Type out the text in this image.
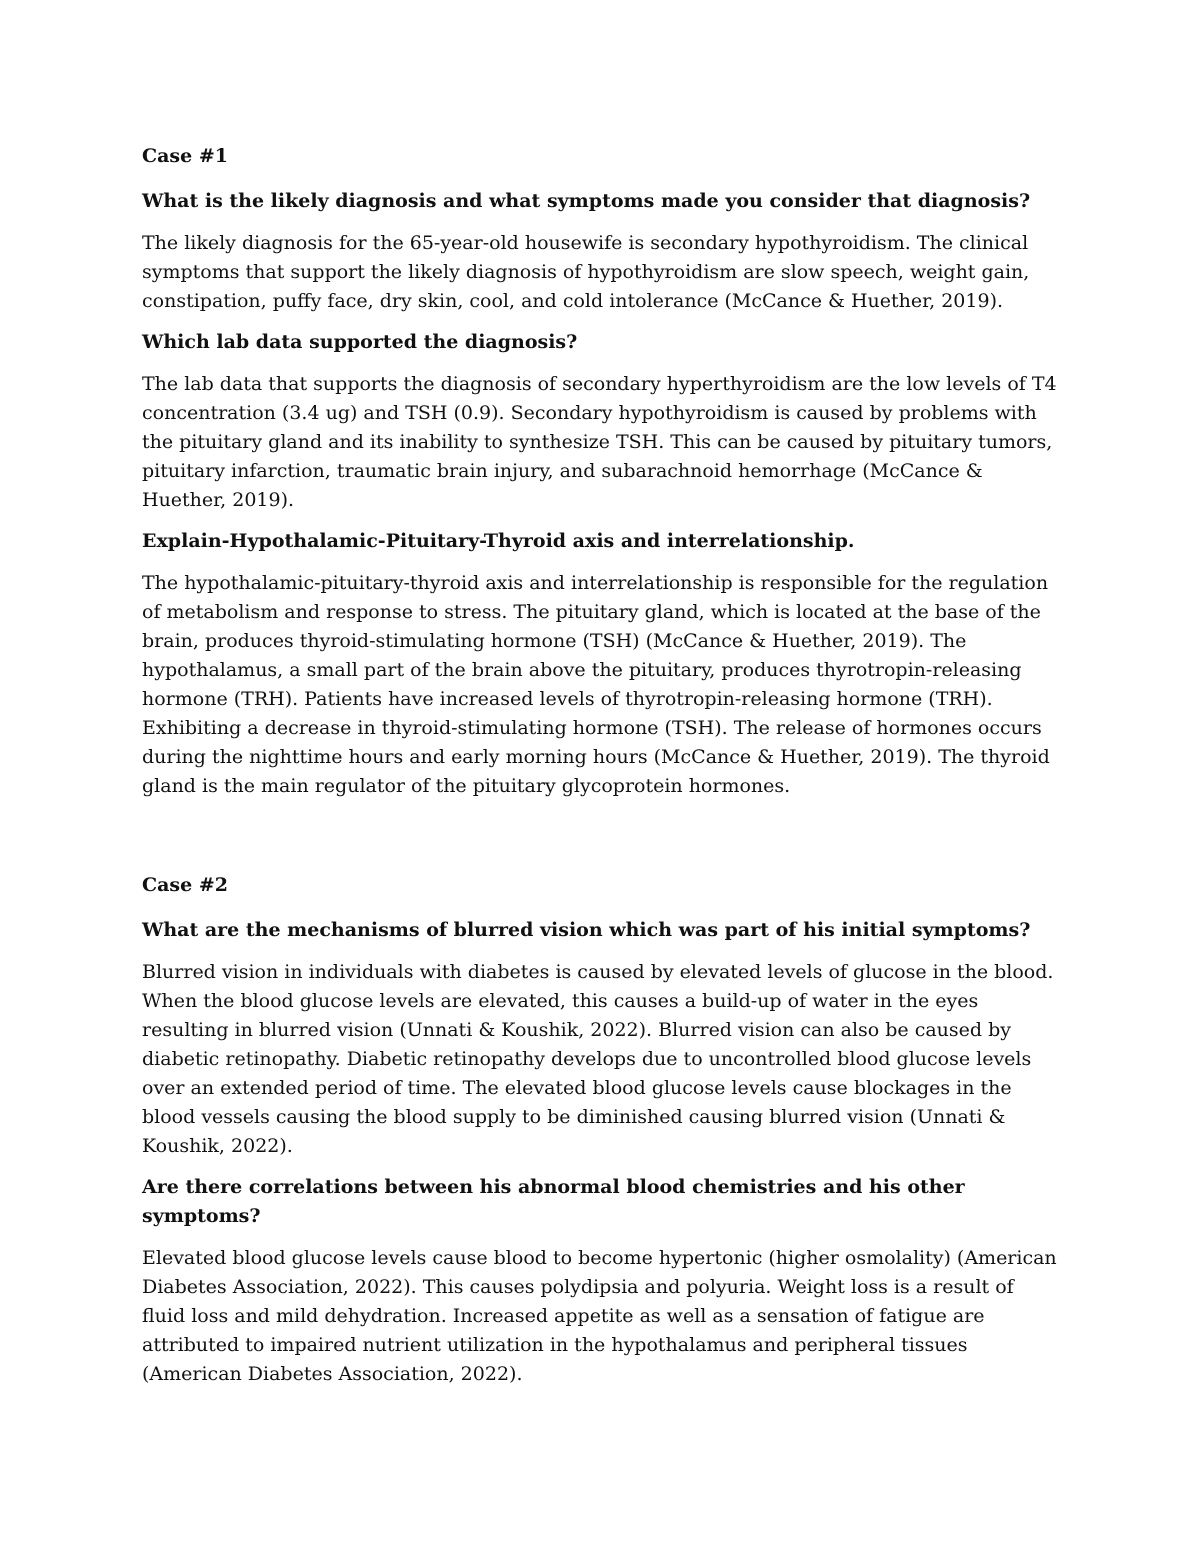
Case #1

What is the likely diagnosis and what symptoms made you consider that diagnosis?

The likely diagnosis for the 65-year-old housewife is secondary hypothyroidism. The clinical symptoms that support the likely diagnosis of hypothyroidism are slow speech, weight gain, constipation, puffy face, dry skin, cool, and cold intolerance (McCance & Huether, 2019).

Which lab data supported the diagnosis?

The lab data that supports the diagnosis of secondary hyperthyroidism are the low levels of T4 concentration (3.4 ug) and TSH (0.9). Secondary hypothyroidism is caused by problems with the pituitary gland and its inability to synthesize TSH. This can be caused by pituitary tumors, pituitary infarction, traumatic brain injury, and subarachnoid hemorrhage (McCance & Huether, 2019).

Explain-Hypothalamic-Pituitary-Thyroid axis and interrelationship.

The hypothalamic-pituitary-thyroid axis and interrelationship is responsible for the regulation of metabolism and response to stress. The pituitary gland, which is located at the base of the brain, produces thyroid-stimulating hormone (TSH) (McCance & Huether, 2019). The hypothalamus, a small part of the brain above the pituitary, produces thyrotropin-releasing hormone (TRH). Patients have increased levels of thyrotropin-releasing hormone (TRH). Exhibiting a decrease in thyroid-stimulating hormone (TSH). The release of hormones occurs during the nighttime hours and early morning hours (McCance & Huether, 2019). The thyroid gland is the main regulator of the pituitary glycoprotein hormones.

Case #2

What are the mechanisms of blurred vision which was part of his initial symptoms?

Blurred vision in individuals with diabetes is caused by elevated levels of glucose in the blood. When the blood glucose levels are elevated, this causes a build-up of water in the eyes resulting in blurred vision (Unnati & Koushik, 2022). Blurred vision can also be caused by diabetic retinopathy. Diabetic retinopathy develops due to uncontrolled blood glucose levels over an extended period of time. The elevated blood glucose levels cause blockages in the blood vessels causing the blood supply to be diminished causing blurred vision (Unnati & Koushik, 2022).

Are there correlations between his abnormal blood chemistries and his other symptoms?

Elevated blood glucose levels cause blood to become hypertonic (higher osmolality) (American Diabetes Association, 2022). This causes polydipsia and polyuria. Weight loss is a result of fluid loss and mild dehydration. Increased appetite as well as a sensation of fatigue are attributed to impaired nutrient utilization in the hypothalamus and peripheral tissues (American Diabetes Association, 2022).
